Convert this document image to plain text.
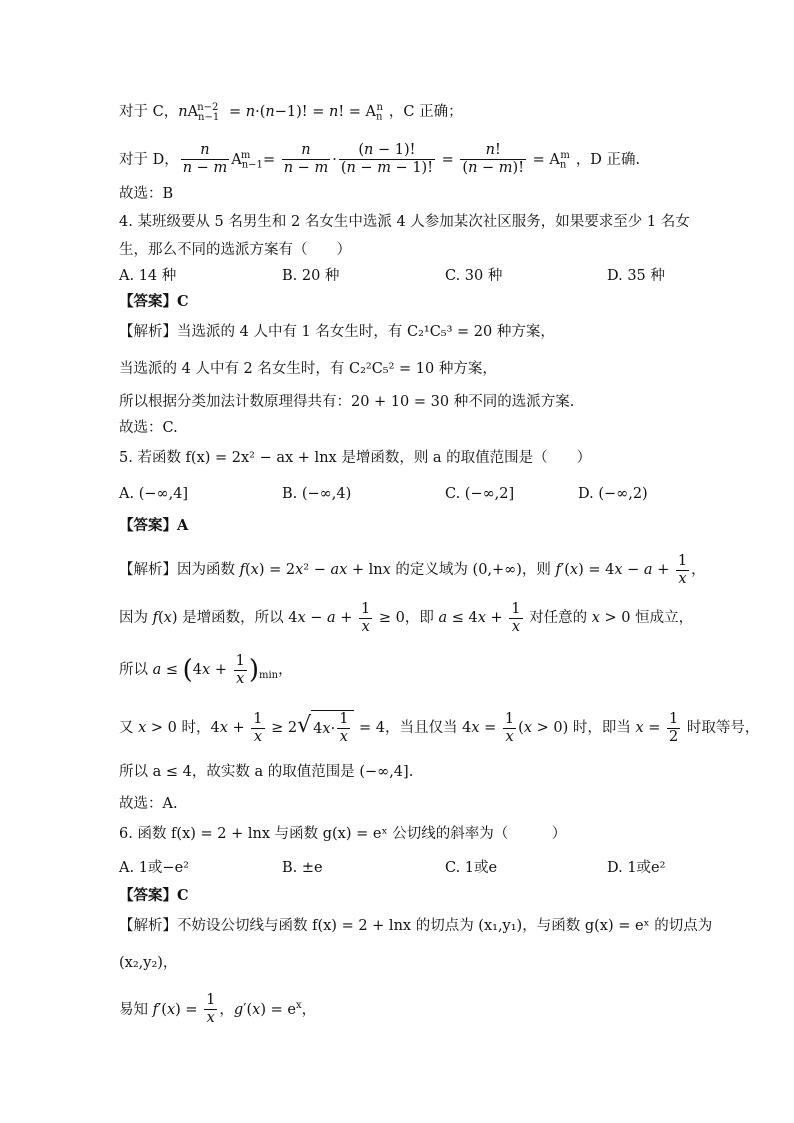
对于 C，$nA_{n-1}^{n-2} = n\cdot(n-1)$! = n! = $A_n^n$ ，C 正确；
对于 D， $\frac{n}{n - m} A_{n-1}^m = \frac{n}{n - m} \cdot \frac{(n - 1)!}{(n - m - 1)!} = \frac{n!}{(n - m)!} = A_n^m$ ，D 正确.
故选：B
4. 某班级要从 5 名男生和 2 名女生中选派 4 人参加某次社区服务，如果要求至少 1 名女
生，那么不同的选派方案有（　　）
A. 14 种	B. 20 种	C. 30 种	D. 35 种
【答案】C
【解析】当选派的 4 人中有 1 名女生时，有 C₂¹C₅³ = 20 种方案，
当选派的 4 人中有 2 名女生时，有 C₂²C₅² = 10 种方案，
所以根据分类加法计数原理得共有：20 + 10 = 30 种不同的选派方案.
故选：C.
5. 若函数 f(x) = 2x² − ax + lnx 是增函数，则 a 的取值范围是（　　）
A. (−∞,4]	B. (−∞,4)	C. (−∞,2]	D. (−∞,2)
【答案】A
【解析】因为函数 f(x) = 2x² − ax + lnx 的定义域为 (0,+∞)，则 $f'(x) = 4x - a + \frac{1}{x}$ ，
因为 f(x) 是增函数，所以 $4x - a + \frac{1}{x} \ge 0$，即 $a \le 4x + \frac{1}{x}$ 对任意的 x > 0 恒成立，
所以 $a \le (4x + \frac{1}{x} )_{min}$，
又 x > 0 时，$4x + \frac{1}{x} \ge 2√$ $4x\cdot \frac{1}{x} = 4$，当且仅当 $4x = \frac{1}{x} (x > 0)$ 时，即当 $x = \frac{1}{2}$ 时取等号，
所以 a ≤ 4，故实数 a 的取值范围是 (−∞,4].
故选：A.
6. 函数 f(x) = 2 + lnx 与函数 g(x) = eˣ 公切线的斜率为（　　　）
A. 1或−e²	B. ±e	C. 1或e	D. 1或e²
【答案】C
【解析】不妨设公切线与函数 f(x) = 2 + lnx 的切点为 (x₁,y₁)，与函数 g(x) = eˣ 的切点为
(x₂,y₂)，
易知 $f'(x) = \frac{1}{x}$ ，$g'(x) = e^x$，
